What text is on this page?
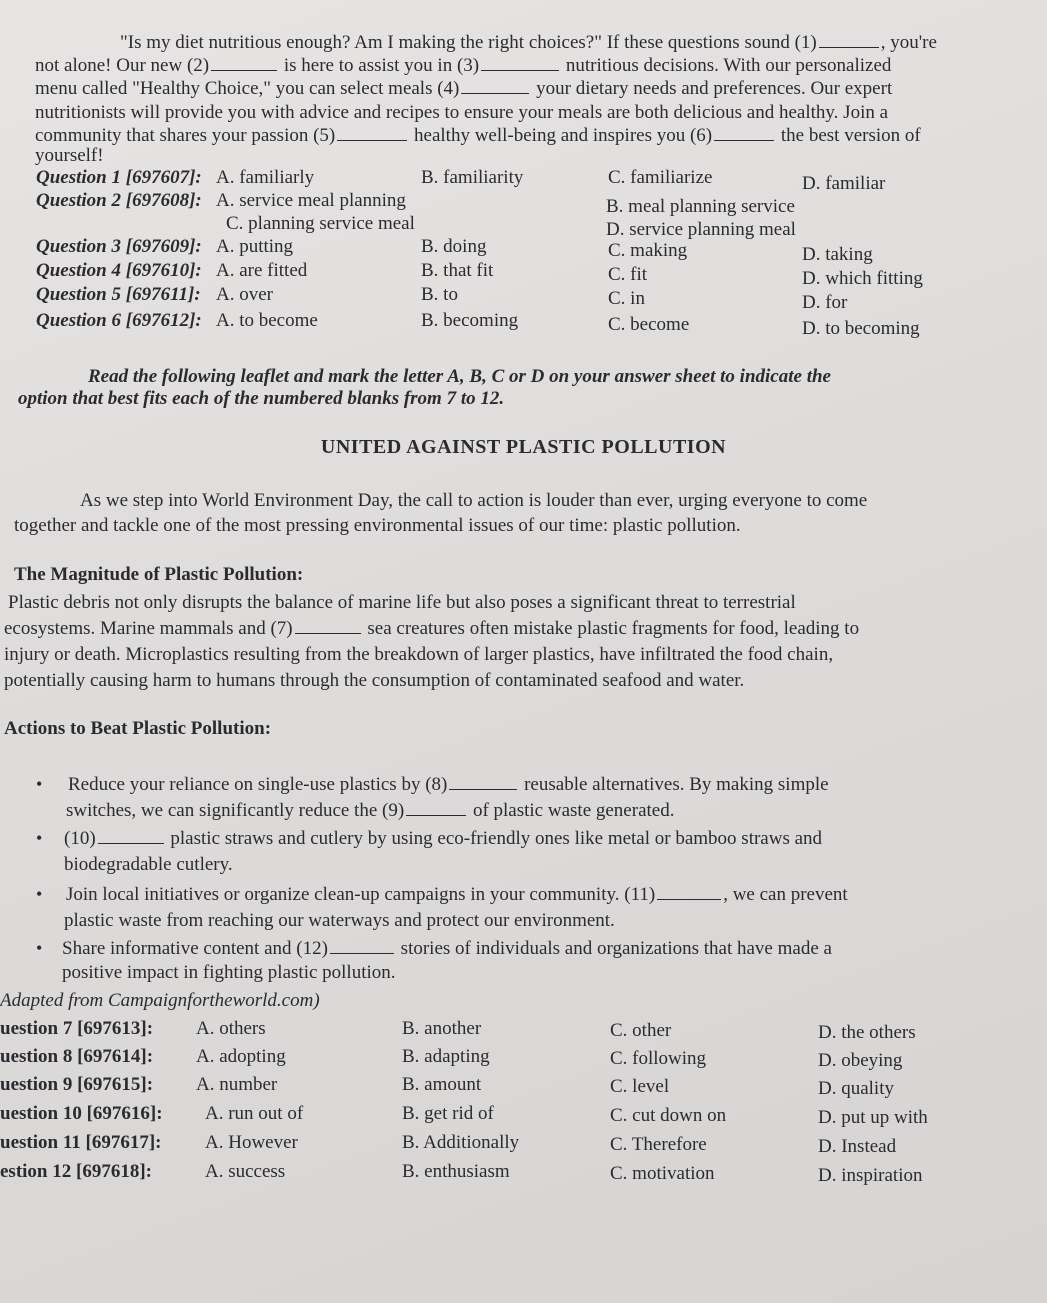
"Is my diet nutritious enough? Am I making the right choices?" If these questions sound (1)	, you're
not alone! Our new (2)	is here to assist you in (3)	nutritious decisions. With our personalized
menu called "Healthy Choice," you can select meals (4)	your dietary needs and preferences. Our expert
nutritionists will provide you with advice and recipes to ensure your meals are both delicious and healthy. Join a
community that shares your passion (5)	healthy well-being and inspires you (6)	the best version of
yourself!
Question 1 [697607]: A. familiarly	B. familiarity	C. familiarize	D. familiar
Question 2 [697608]: A. service meal planning	B. meal planning service
C. planning service meal	D. service planning meal
Question 3 [697609]: A. putting	B. doing	C. making	D. taking
Question 4 [697610]: A. are fitted	B. that fit	C. fit	D. which fitting
Question 5 [697611]: A. over	B. to	C. in	D. for
Question 6 [697612]: A. to become	B. becoming	C. become	D. to becoming
Read the following leaflet and mark the letter A, B, C or D on your answer sheet to indicate the
option that best fits each of the numbered blanks from 7 to 12.
UNITED AGAINST PLASTIC POLLUTION
As we step into World Environment Day, the call to action is louder than ever, urging everyone to come
together and tackle one of the most pressing environmental issues of our time: plastic pollution.
The Magnitude of Plastic Pollution:
Plastic debris not only disrupts the balance of marine life but also poses a significant threat to terrestrial
ecosystems. Marine mammals and (7)	sea creatures often mistake plastic fragments for food, leading to
injury or death. Microplastics resulting from the breakdown of larger plastics, have infiltrated the food chain,
potentially causing harm to humans through the consumption of contaminated seafood and water.
Actions to Beat Plastic Pollution:
• Reduce your reliance on single-use plastics by (8)	reusable alternatives. By making simple
switches, we can significantly reduce the (9)	of plastic waste generated.
• (10)	plastic straws and cutlery by using eco-friendly ones like metal or bamboo straws and
biodegradable cutlery.
• Join local initiatives or organize clean-up campaigns in your community. (11)	, we can prevent
plastic waste from reaching our waterways and protect our environment.
• Share informative content and (12)	stories of individuals and organizations that have made a
positive impact in fighting plastic pollution.
Adapted from Campaignfortheworld.com)
uestion 7 [697613]: A. others	B. another	C. other	D. the others
uestion 8 [697614]: A. adopting	B. adapting	C. following	D. obeying
uestion 9 [697615]: A. number	B. amount	C. level	D. quality
uestion 10 [697616]: A. run out of	B. get rid of	C. cut down on	D. put up with
uestion 11 [697617]: A. However	B. Additionally	C. Therefore	D. Instead
estion 12 [697618]:	A. success	B. enthusiasm	C. motivation	D. inspiration
